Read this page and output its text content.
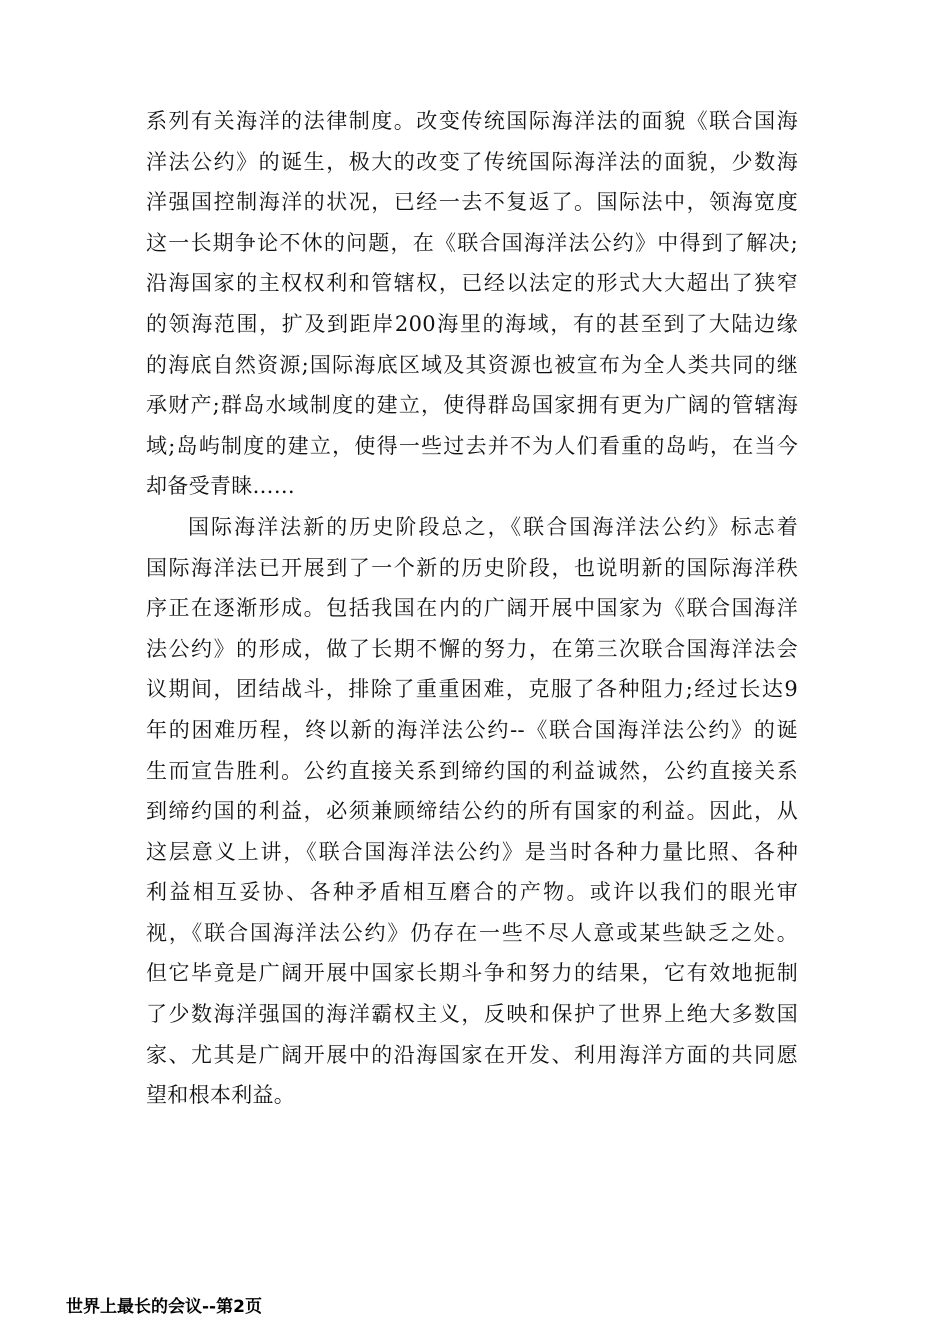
系列有关海洋的法律制度。改变传统国际海洋法的面貌《联合国海
洋法公约》的诞生，极大的改变了传统国际海洋法的面貌，少数海
洋强国控制海洋的状况，已经一去不复返了。国际法中，领海宽度
这一长期争论不休的问题，在《联合国海洋法公约》中得到了解决;
沿海国家的主权权利和管辖权，已经以法定的形式大大超出了狭窄
的领海范围，扩及到距岸200海里的海域，有的甚至到了大陆边缘
的海底自然资源;国际海底区域及其资源也被宣布为全人类共同的继
承财产;群岛水域制度的建立，使得群岛国家拥有更为广阔的管辖海
域;岛屿制度的建立，使得一些过去并不为人们看重的岛屿，在当今
却备受青睐……
国际海洋法新的历史阶段总之，《联合国海洋法公约》标志着
国际海洋法已开展到了一个新的历史阶段，也说明新的国际海洋秩
序正在逐渐形成。包括我国在内的广阔开展中国家为《联合国海洋
法公约》的形成，做了长期不懈的努力，在第三次联合国海洋法会
议期间，团结战斗，排除了重重困难，克服了各种阻力;经过长达9
年的困难历程，终以新的海洋法公约--《联合国海洋法公约》的诞
生而宣告胜利。公约直接关系到缔约国的利益诚然，公约直接关系
到缔约国的利益，必须兼顾缔结公约的所有国家的利益。因此，从
这层意义上讲，《联合国海洋法公约》是当时各种力量比照、各种
利益相互妥协、各种矛盾相互磨合的产物。或许以我们的眼光审
视，《联合国海洋法公约》仍存在一些不尽人意或某些缺乏之处。
但它毕竟是广阔开展中国家长期斗争和努力的结果，它有效地扼制
了少数海洋强国的海洋霸权主义，反映和保护了世界上绝大多数国
家、尤其是广阔开展中的沿海国家在开发、利用海洋方面的共同愿
望和根本利益。
世界上最长的会议--第2页
